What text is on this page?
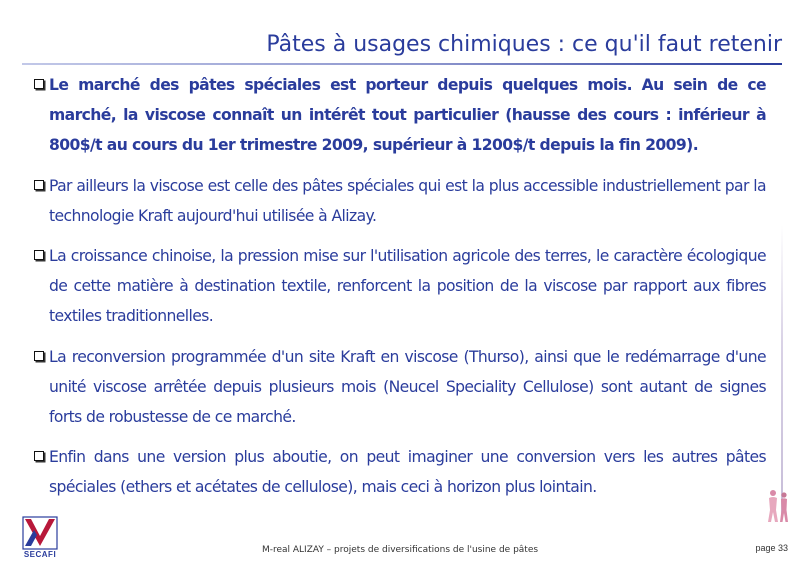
Pâtes à usages chimiques : ce qu'il faut retenir
Le marché des pâtes spéciales est porteur depuis quelques mois. Au sein de ce marché, la viscose connaît un intérêt tout particulier (hausse des cours : inférieur à 800$/t au cours du 1er trimestre 2009, supérieur à 1200$/t depuis la fin 2009).
Par ailleurs la viscose est celle des pâtes spéciales qui est la plus accessible industriellement par la technologie Kraft aujourd'hui utilisée à Alizay.
La croissance chinoise, la pression mise sur l'utilisation agricole des terres, le caractère écologique de cette matière à destination textile, renforcent la position de la viscose par rapport aux fibres textiles traditionnelles.
La reconversion programmée d'un site Kraft en viscose (Thurso), ainsi que le redémarrage d'une unité viscose arrêtée depuis plusieurs mois (Neucel Speciality Cellulose) sont autant de signes forts de robustesse de ce marché.
Enfin dans une version plus aboutie, on peut imaginer une conversion vers les autres pâtes spéciales (ethers et acétates de cellulose), mais ceci à horizon plus lointain.
SECAFI	M-real ALIZAY – projets de diversifications de l'usine de pâtes	page 33
